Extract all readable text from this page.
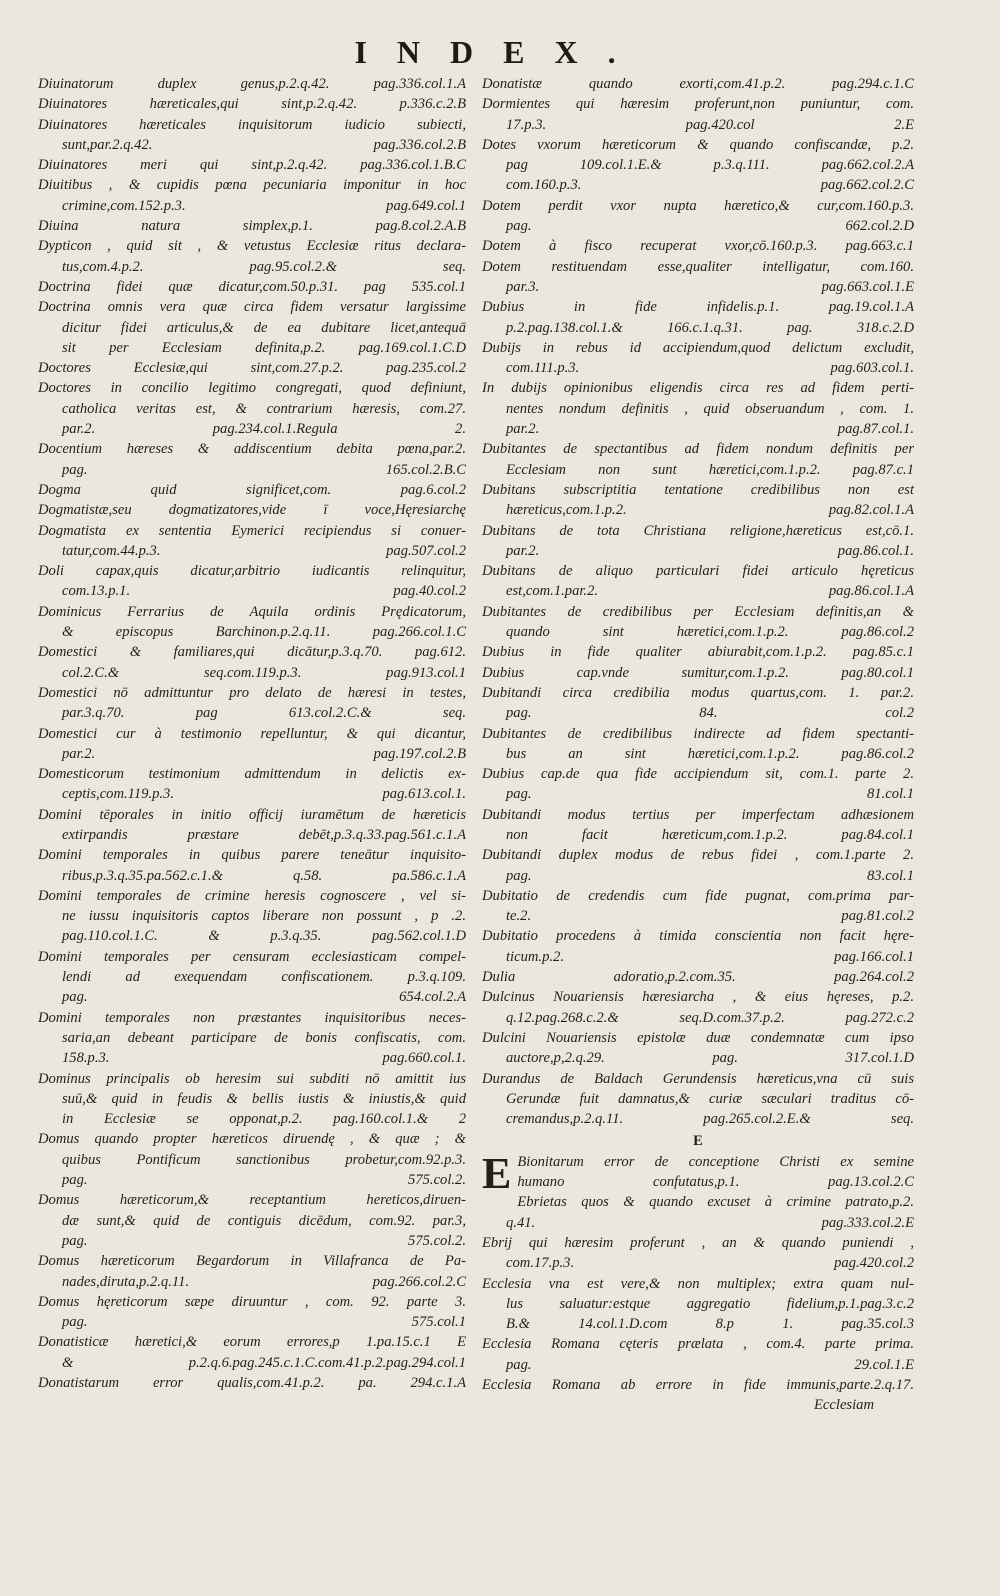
INDEX.
Diuinatorum duplex genus,p.2.q.42. pag.336.col.1.A
Diuinatores hæreticales,qui sint,p.2.q.42. p.336.c.2.B
Diuinatores hæreticales inquisitorum iudicio subiecti,
sunt,par.2.q.42. pag.336.col.2.B
Diuinatores meri qui sint,p.2.q.42. pag.336.col.1.B.C
Diuitibus , & cupidis pœna pecuniaria imponitur in hoc
crimine,com.152.p.3. pag.649.col.1
Diuina natura simplex,p.1. pag.8.col.2.A.B
Dypticon , quid sit , & vetustus Ecclesiæ ritus declara-
tus,com.4.p.2. pag.95.col.2.& seq.
Doctrina fidei quæ dicatur,com.50.p.31. pag 535.col.1
Doctrina omnis vera quæ circa fidem versatur largissime
dicitur fidei articulus,& de ea dubitare licet,antequā
sit per Ecclesiam definita,p.2. pag.169.col.1.C.D
Doctores Ecclesiæ,qui sint,com.27.p.2. pag.235.col.2
Doctores in concilio legitimo congregati, quod definiunt,
catholica veritas est, & contrarium hæresis, com.27.
par.2. pag.234.col.1.Regula 2.
Docentium hæreses & addiscentium debita pœna,par.2.
pag. 165.col.2.B.C
Dogma quid significet,com. pag.6.col.2
Dogmatistæ,seu dogmatizatores,vide ī voce,Hęresiarchę
Dogmatista ex sententia Eymerici recipiendus si conuer-
tatur,com.44.p.3. pag.507.col.2
Doli capax,quis dicatur,arbitrio iudicantis relinquitur,
com.13.p.1. pag.40.col.2
Dominicus Ferrarius de Aquila ordinis Prędicatorum,
& episcopus Barchinon.p.2.q.11. pag.266.col.1.C
Domestici & familiares,qui dicātur,p.3.q.70. pag.612.
col.2.C.& seq.com.119.p.3. pag.913.col.1
Domestici nō admittuntur pro delato de hæresi in testes,
par.3.q.70. pag 613.col.2.C.& seq.
Domestici cur à testimonio repelluntur, & qui dicantur,
par.2. pag.197.col.2.B
Domesticorum testimonium admittendum in delictis ex-
ceptis,com.119.p.3. pag.613.col.1.
Domini tēporales in initio officij iuramētum de hæreticis
extirpandis præstare debēt,p.3.q.33.pag.561.c.1.A
Domini temporales in quibus parere teneātur inquisito-
ribus,p.3.q.35.pa.562.c.1.& q.58. pa.586.c.1.A
Domini temporales de crimine heresis cognoscere , vel si-
ne iussu inquisitoris captos liberare non possunt , p .2.
pag.110.col.1.C. & p.3.q.35. pag.562.col.1.D
Domini temporales per censuram ecclesiasticam compel-
lendi ad exequendam confiscationem. p.3.q.109.
pag. 654.col.2.A
Domini temporales non præstantes inquisitoribus neces-
saria,an debeant participare de bonis confiscatis, com.
158.p.3. pag.660.col.1.
Dominus principalis ob heresim sui subditi nō amittit ius
suū,& quid in feudis & bellis iustis & iniustis,& quid
in Ecclesiæ se opponat,p.2. pag.160.col.1.& 2
Domus quando propter hæreticos diruendę , & quæ ; &
quibus Pontificum sanctionibus probetur,com.92.p.3.
pag. 575.col.2.
Domus hæreticorum,& receptantium hereticos,diruen-
dæ sunt,& quid de contiguis dicēdum, com.92. par.3,
pag. 575.col.2.
Domus hæreticorum Begardorum in Villafranca de Pa-
nades,diruta,p.2.q.11. pag.266.col.2.C
Domus hęreticorum sæpe diruuntur , com. 92. parte 3.
pag. 575.col.1
Donatisticæ hæretici,& eorum errores,p 1.pa.15.c.1 E
& p.2.q.6.pag.245.c.1.C.com.41.p.2.pag.294.col.1
Donatistarum error qualis,com.41.p.2. pa. 294.c.1.A
Donatistæ quando exorti,com.41.p.2. pag.294.c.1.C
Dormientes qui hæresim proferunt,non puniuntur, com.
17.p.3. pag.420.col 2.E
Dotes vxorum hæreticorum & quando confiscandæ, p.2.
pag 109.col.1.E.& p.3.q.111. pag.662.col.2.A
com.160.p.3. pag.662.col.2.C
Dotem perdit vxor nupta hæretico,& cur,com.160.p.3.
pag. 662.col.2.D
Dotem à fisco recuperat vxor,cō.160.p.3. pag.663.c.1
Dotem restituendam esse,qualiter intelligatur, com.160.
par.3. pag.663.col.1.E
Dubius in fide infidelis.p.1. pag.19.col.1.A
p.2.pag.138.col.1.& 166.c.1.q.31. pag. 318.c.2.D
Dubijs in rebus id accipiendum,quod delictum excludit,
com.111.p.3. pag.603.col.1.
In dubijs opinionibus eligendis circa res ad fidem perti-
nentes nondum definitis , quid obseruandum , com. 1.
par.2. pag.87.col.1.
Dubitantes de spectantibus ad fidem nondum definitis per
Ecclesiam non sunt hæretici,com.1.p.2. pag.87.c.1
Dubitans subscriptitia tentatione credibilibus non est
hæreticus,com.1.p.2. pag.82.col.1.A
Dubitans de tota Christiana religione,hæreticus est,cō.1.
par.2. pag.86.col.1.
Dubitans de aliquo particulari fidei articulo hęreticus
est,com.1.par.2. pag.86.col.1.A
Dubitantes de credibilibus per Ecclesiam definitis,an &
quando sint hæretici,com.1.p.2. pag.86.col.2
Dubius in fide qualiter abiurabit,com.1.p.2. pag.85.c.1
Dubius cap.vnde sumitur,com.1.p.2. pag.80.col.1
Dubitandi circa credibilia modus quartus,com. 1. par.2.
pag. 84. col.2
Dubitantes de credibilibus indirecte ad fidem spectanti-
bus an sint hæretici,com.1.p.2. pag.86.col.2
Dubius cap.de qua fide accipiendum sit, com.1. parte 2.
pag. 81.col.1
Dubitandi modus tertius per imperfectam adhæsionem
non facit hæreticum,com.1.p.2. pag.84.col.1
Dubitandi duplex modus de rebus fidei , com.1.parte 2.
pag. 83.col.1
Dubitatio de credendis cum fide pugnat, com.prima par-
te.2. pag.81.col.2
Dubitatio procedens à timida conscientia non facit hęre-
ticum.p.2. pag.166.col.1
Dulia adoratio,p.2.com.35. pag.264.col.2
Dulcinus Nouariensis hæresiarcha , & eius hęreses, p.2.
q.12.pag.268.c.2.& seq.D.com.37.p.2. pag.272.c.2
Dulcini Nouariensis epistolæ duæ condemnatæ cum ipso
auctore,p,2.q.29. pag. 317.col.1.D
Durandus de Baldach Gerundensis hæreticus,vna cū suis
Gerundæ fuit damnatus,& curiæ sæculari traditus cō-
cremandus,p.2.q.11. pag.265.col.2.E.& seq.
E
E Bionitarum error de conceptione Christi ex semine
humano confutatus,p.1. pag.13.col.2.C
Ebrietas quos & quando excuset à crimine patrato,p.2.
q.41. pag.333.col.2.E
Ebrij qui hæresim proferunt , an & quando puniendi ,
com.17.p.3. pag.420.col.2
Ecclesia vna est vere,& non multiplex; extra quam nul-
lus saluatur:estque aggregatio fidelium,p.1.pag.3.c.2
B.& 14.col.1.D.com 8.p 1. pag.35.col.3
Ecclesia Romana cęteris prælata , com.4. parte prima.
pag. 29.col.1.E
Ecclesia Romana ab errore in fide immunis,parte.2.q.17.
Ecclesiam
